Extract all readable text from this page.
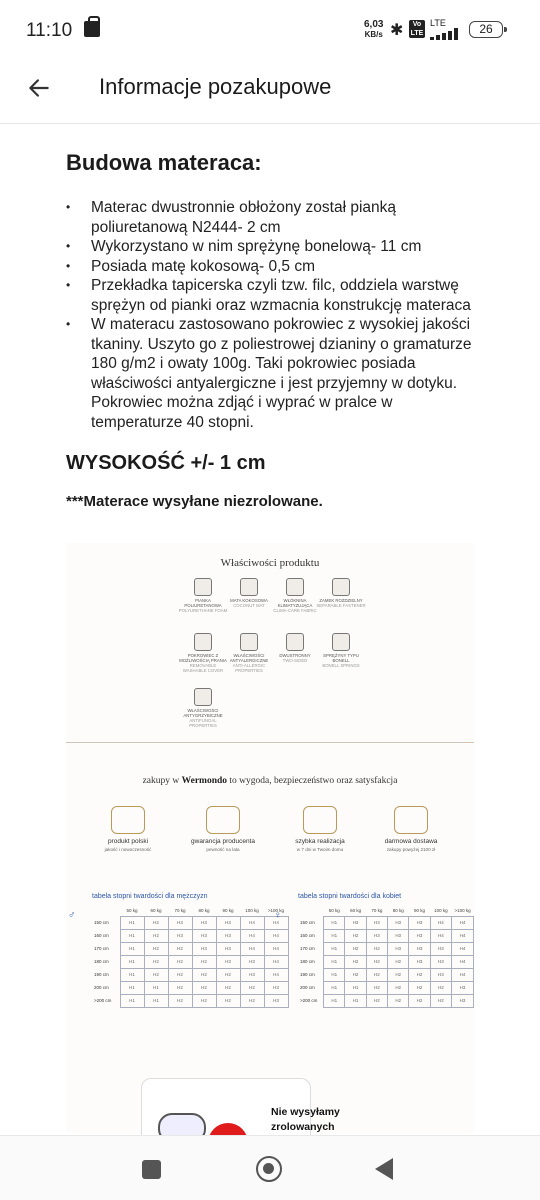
11:10	6,03
KB/s ✱	Vo LTE
LTE	26
Informacje pozakupowe
Budowa materaca:
• Materac dwustronnie obłożony został pianką poliuretanową N2444- 2 cm
• Wykorzystano w nim sprężynę bonelową- 11 cm
• Posiada matę kokosową- 0,5 cm
• Przekładka tapicerska czyli tzw. filc, oddziela warstwę sprężyn od pianki oraz wzmacnia konstrukcję materaca
• W materacu zastosowano pokrowiec z wysokiej jakości tkaniny. Uszyto go z poliestrowej dzianiny o gramaturze 180 g/m2 i owaty 100g. Taki pokrowiec posiada właściwości antyalergiczne i jest przyjemny w dotyku. Pokrowiec można zdjąć i wyprać w pralce w temperaturze 40 stopni.
WYSOKOŚĆ +/- 1 cm

***Materace wysyłane niezrolowane.

Właściwości produktu
PIANKA POLIURETANOWA
POLYURETHANE FOAM
MATA KOKOSOWA
COCONUT MAT
WŁÓKNINA KLIMATYZUJĄCA
CLIMA-CARE FABRIC
ZAMEK ROZDZIELNY
SEPARABLE FASTENER
POKROWIEC Z MOŻLIWOŚCIĄ PRANIA
REMOVABLE WASHABLE COVER
WŁAŚCIWOŚCI ANTYALERGICZNE
ANTI-ALLERGIC PROPERTIES
DWUSTRONNY
TWO-SIDED
SPRĘŻYNY TYPU BONELL
BONELL SPRINGS
WŁAŚCIWOŚCI ANTYGRZYBICZNE
ANTIFUNGAL PROPERTIES
zakupy w Wermondo to wygoda, bezpieczeństwo oraz satysfakcja
produkt polski
jakość i nowoczesność
gwarancja producenta
pewność na lata
szybka realizacja
w 7 dni w Twoim domu
darmowa dostawa
zakupy powyżej 2100 zł
tabela stopni twardości dla mężczyzn
♂
		50 kg	60 kg	70 kg	80 kg	90 kg	100 kg	>100 kg
150 cm	H1	H2	H3	H3	H3	H4	H4
160 cm	H1	H2	H3	H3	H3	H4	H4
170 cm	H1	H2	H2	H3	H3	H4	H4
180 cm	H1	H2	H2	H2	H3	H3	H4
190 cm	H1	H2	H2	H2	H2	H3	H4
200 cm	H1	H1	H2	H2	H2	H2	H3
>200 cm	H1	H1	H2	H2	H2	H2	H3
tabela stopni twardości dla kobiet
♀
		50 kg	60 kg	70 kg	80 kg	90 kg	100 kg	>100 kg
150 cm	H1	H3	H3	H3	H3	H4	H4
160 cm	H1	H2	H3	H3	H3	H4	H4
170 cm	H1	H2	H2	H3	H3	H3	H4
180 cm	H1	H2	H2	H2	H3	H3	H4
190 cm	H1	H2	H2	H2	H2	H3	H4
200 cm	H1	H1	H2	H2	H2	H2	H3
>200 cm	H1	H1	H2	H2	H2	H2	H3
Nie wysyłamy zrolowanych
